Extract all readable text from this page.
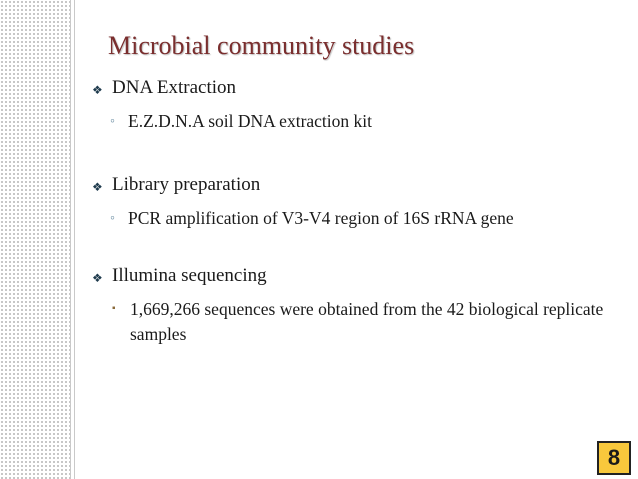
Microbial community studies
❖ DNA Extraction
◦ E.Z.D.N.A soil DNA extraction kit
❖ Library preparation
◦ PCR amplification of V3-V4 region of 16S rRNA gene
❖ Illumina sequencing
▪ 1,669,266 sequences were obtained from the 42 biological replicate samples
8
